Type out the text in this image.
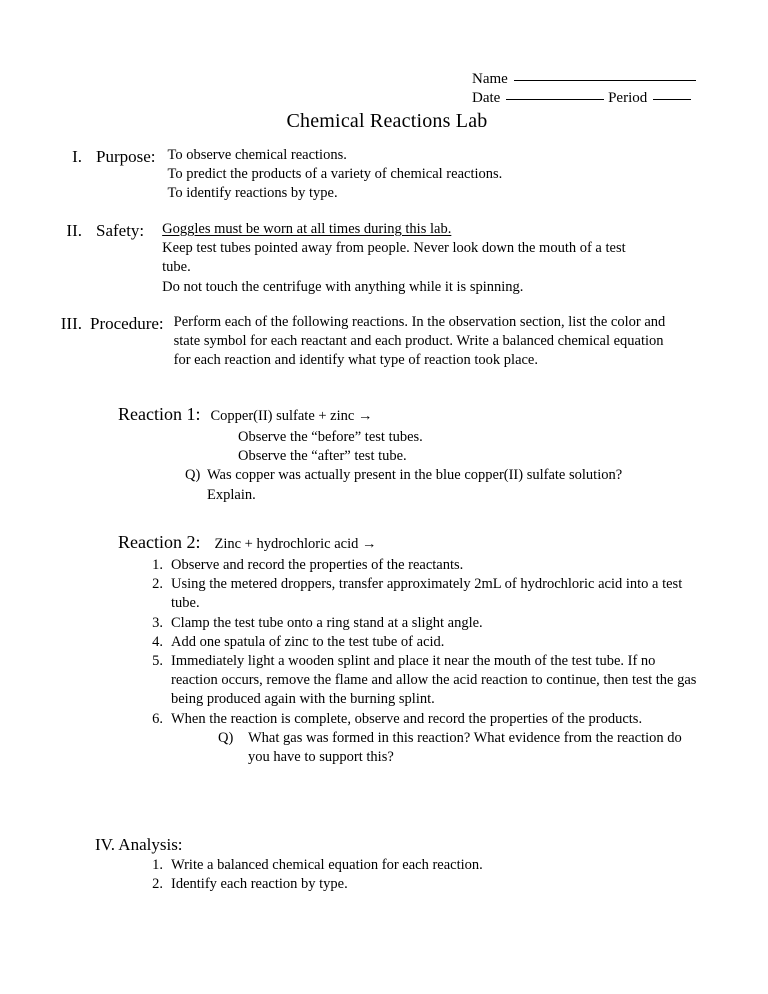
Name
Date	Period
Chemical Reactions Lab
I. Purpose: To observe chemical reactions.

To predict the products of a variety of chemical reactions.

To identify reactions by type.

II. Safety: Goggles must be worn at all times during this lab.

Keep test tubes pointed away from people. Never look down the mouth of a test tube.

Do not touch the centrifuge with anything while it is spinning.

III. Procedure: Perform each of the following reactions. In the observation section, list the color and state symbol for each reactant and each product. Write a balanced chemical equation for each reaction and identify what type of reaction took place.
Reaction 1: Copper(II) sulfate + zinc →

Observe the “before” test tubes.

Observe the “after” test tube.

Q) Was copper was actually present in the blue copper(II) sulfate solution? Explain.
Reaction 2: Zinc + hydrochloric acid →
1. Observe and record the properties of the reactants.
2. Using the metered droppers, transfer approximately 2mL of hydrochloric acid into a test tube.
3. Clamp the test tube onto a ring stand at a slight angle.
4. Add one spatula of zinc to the test tube of acid.
5. Immediately light a wooden splint and place it near the mouth of the test tube. If no reaction occurs, remove the flame and allow the acid reaction to continue, then test the gas being produced again with the burning splint.
6. When the reaction is complete, observe and record the properties of the products.
Q)	What gas was formed in this reaction? What evidence from the reaction do you have to support this?
IV. Analysis:
1. Write a balanced chemical equation for each reaction.
2. Identify each reaction by type.
